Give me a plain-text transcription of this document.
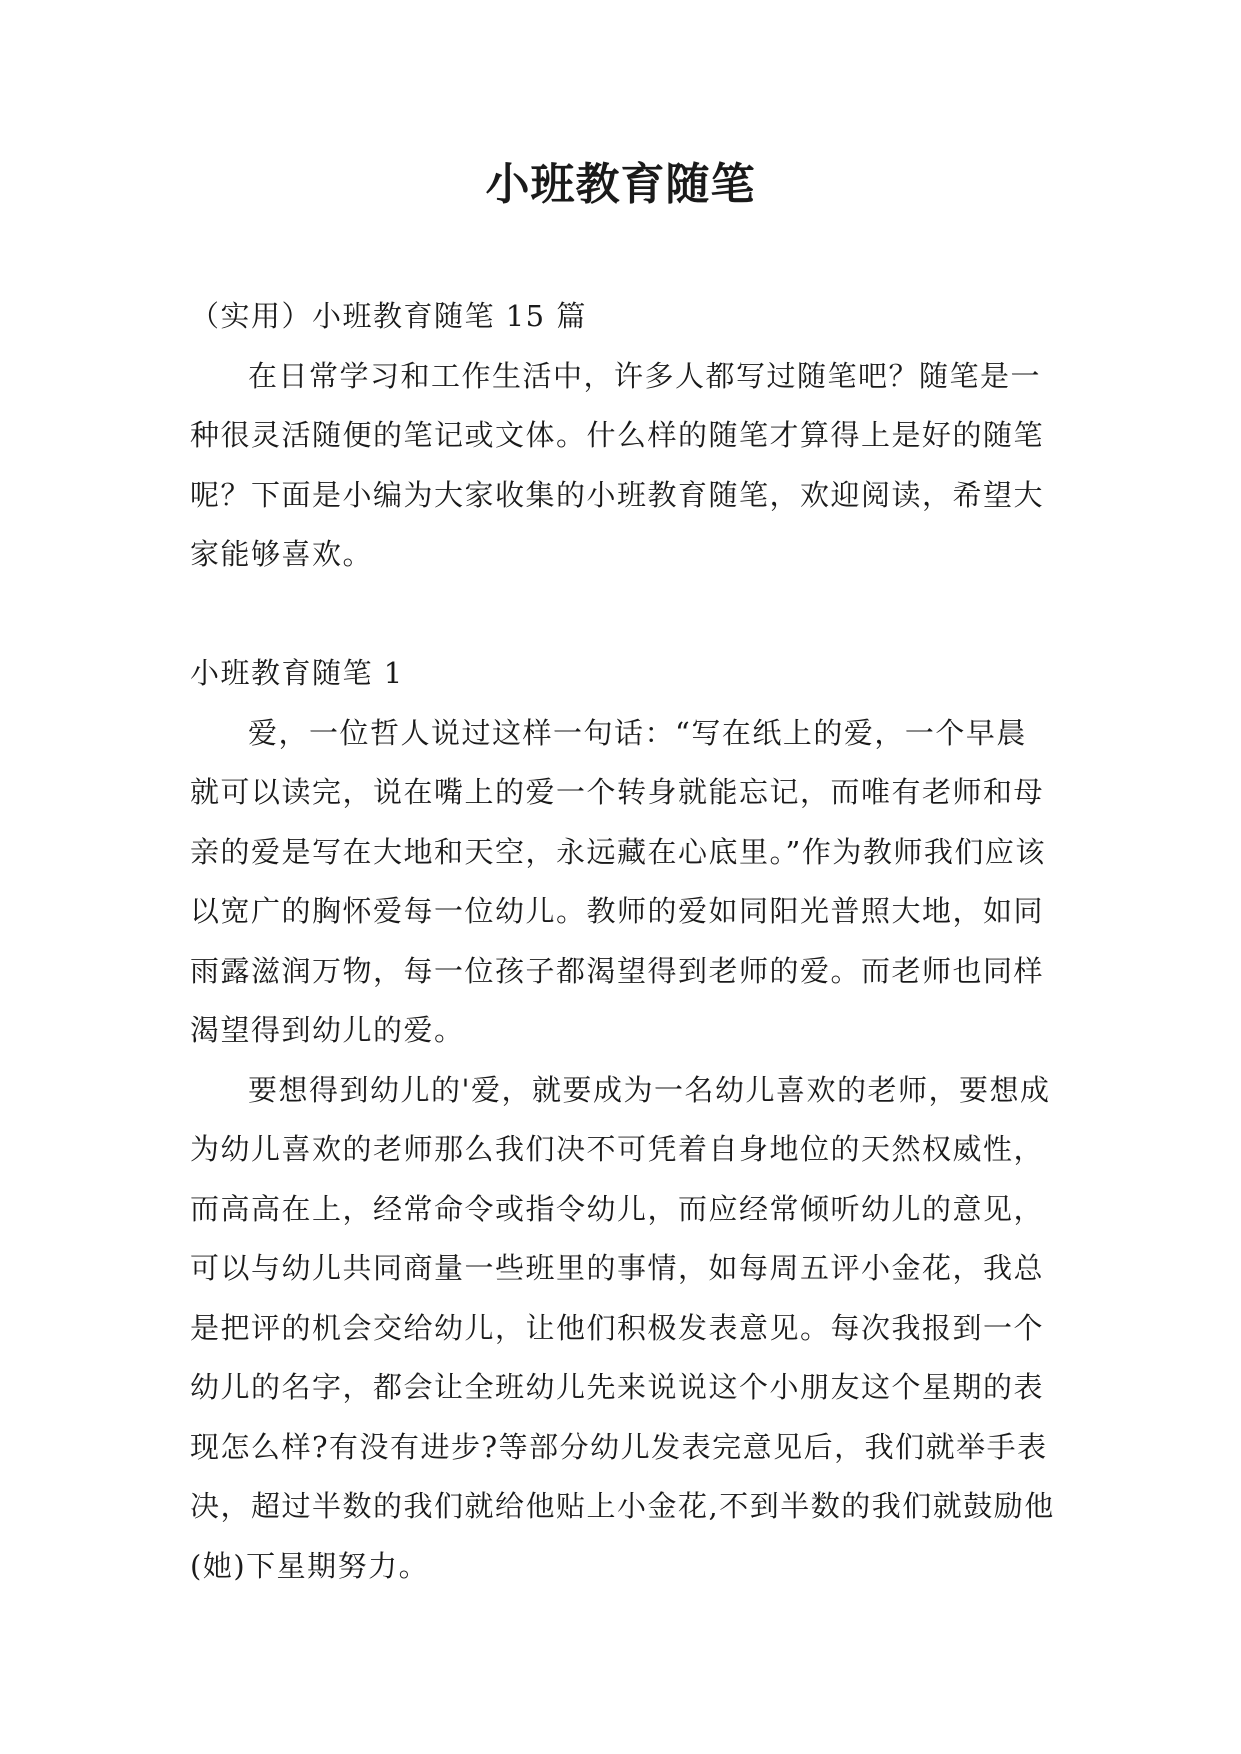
小班教育随笔

（实用）小班教育随笔 15 篇

在日常学习和工作生活中，许多人都写过随笔吧？随笔是一种很灵活随便的笔记或文体。什么样的随笔才算得上是好的随笔呢？下面是小编为大家收集的小班教育随笔，欢迎阅读，希望大家能够喜欢。

小班教育随笔 1

爱，一位哲人说过这样一句话：“写在纸上的爱，一个早晨就可以读完，说在嘴上的爱一个转身就能忘记，而唯有老师和母亲的爱是写在大地和天空，永远藏在心底里。”作为教师我们应该以宽广的胸怀爱每一位幼儿。教师的爱如同阳光普照大地，如同雨露滋润万物，每一位孩子都渴望得到老师的爱。而老师也同样渴望得到幼儿的爱。

要想得到幼儿的'爱，就要成为一名幼儿喜欢的老师，要想成为幼儿喜欢的老师那么我们决不可凭着自身地位的天然权威性，而高高在上，经常命令或指令幼儿，而应经常倾听幼儿的意见，可以与幼儿共同商量一些班里的事情，如每周五评小金花，我总是把评的机会交给幼儿，让他们积极发表意见。每次我报到一个幼儿的名字，都会让全班幼儿先来说说这个小朋友这个星期的表现怎么样?有没有进步?等部分幼儿发表完意见后，我们就举手表决，超过半数的我们就给他贴上小金花,不到半数的我们就鼓励他(她)下星期努力。
